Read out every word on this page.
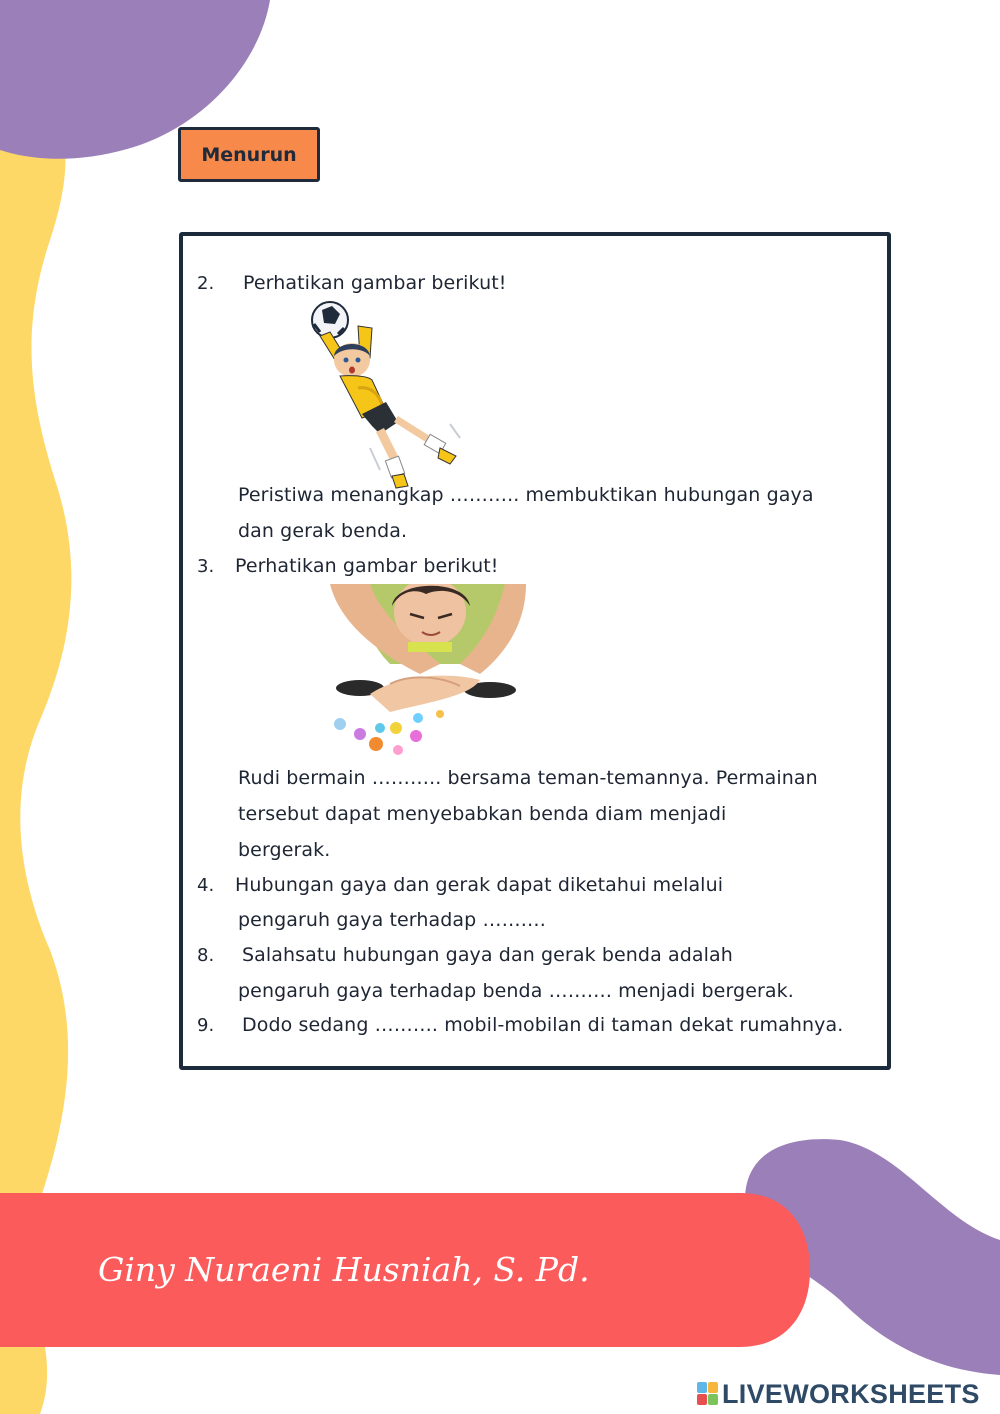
Menurun
2. Perhatikan gambar berikut!
Peristiwa menangkap ……….. membuktikan hubungan gaya
dan gerak benda.
3. Perhatikan gambar berikut!
Rudi bermain ……….. bersama teman-temannya. Permainan
tersebut dapat menyebabkan benda diam menjadi
bergerak.
4. Hubungan gaya dan gerak dapat diketahui melalui
pengaruh gaya terhadap ……….
8. Salahsatu hubungan gaya dan gerak benda adalah
pengaruh gaya terhadap benda ………. menjadi bergerak.
9. Dodo sedang ………. mobil-mobilan di taman dekat rumahnya.
Giny Nuraeni Husniah, S. Pd.
LIVEWORKSHEETS
